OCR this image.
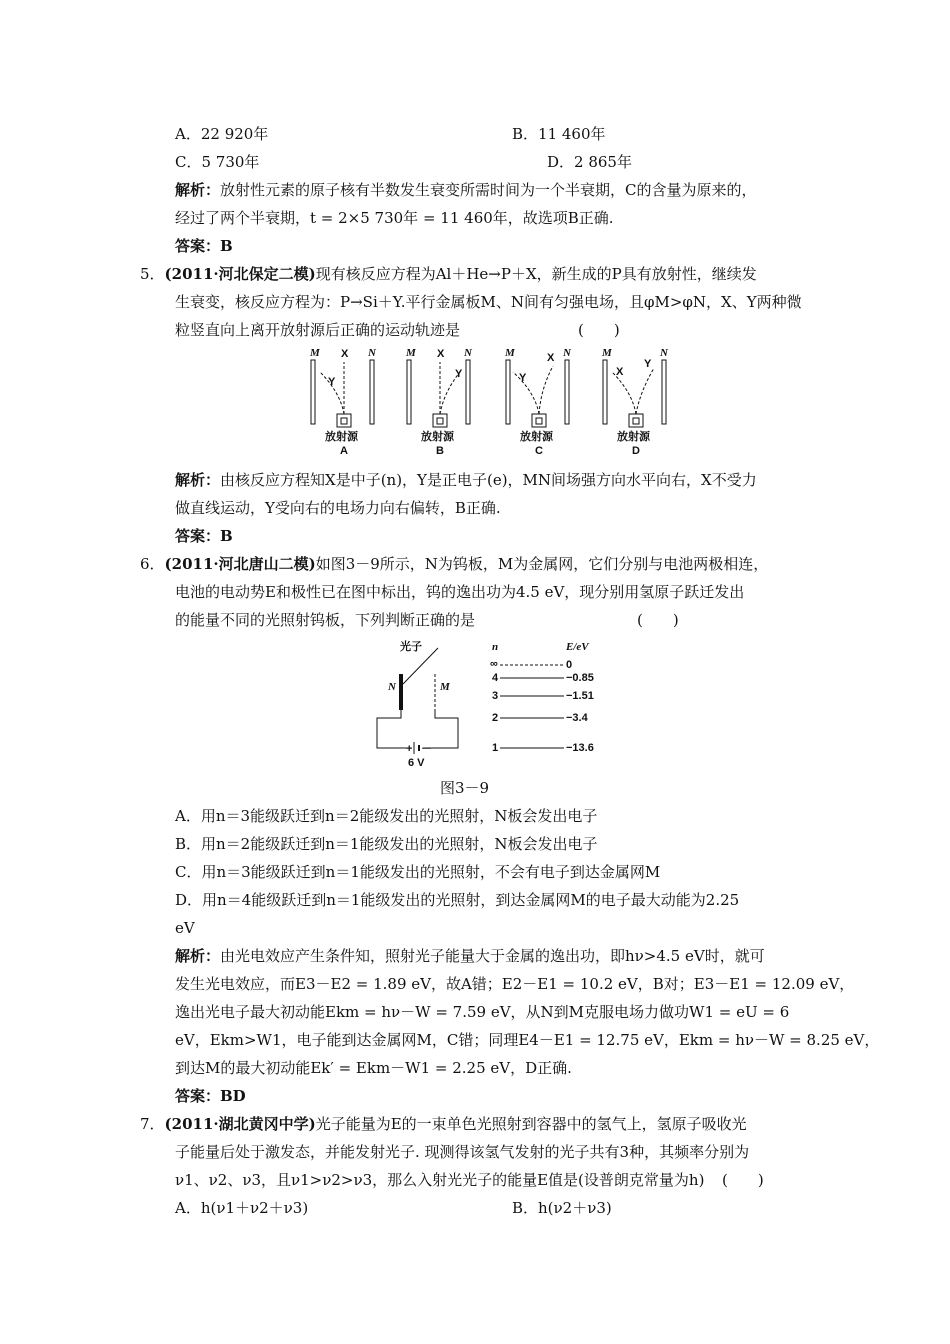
A．22 920年	B．11 460年
C．5 730年	D．2 865年
解析：放射性元素的原子核有半数发生衰变所需时间为一个半衰期，C的含量为原来的，
经过了两个半衰期，t = 2×5 730年 = 11 460年，故选项B正确.
答案：B
5．(2011·河北保定二模)现有核反应方程为Al＋He→P＋X，新生成的P具有放射性，继续发
生衰变，核反应方程为：P→Si＋Y.平行金属板M、N间有匀强电场，且φM>φN，X、Y两种微
粒竖直向上离开放射源后正确的运动轨迹是	(　　)
M	N
X
Y
放射源
A
M	N
X
Y
放射源
B
M	N
X
Y
放射源
C
M	N
X
Y
放射源
D
解析：由核反应方程知X是中子(n)，Y是正电子(e)，MN间场强方向水平向右，X不受力
做直线运动，Y受向右的电场力向右偏转，B正确.
答案：B
6．(2011·河北唐山二模)如图3－9所示，N为钨板，M为金属网，它们分别与电池两极相连，
电池的电动势E和极性已在图中标出，钨的逸出功为4.5 eV，现分别用氢原子跃迁发出
的能量不同的光照射钨板，下列判断正确的是	(　　)
光子
N	M
+ －
6 V
n	E/eV
∞	0
4	−0.85
3	−1.51
2	−3.4
1	−13.6
图3－9
A．用n＝3能级跃迁到n＝2能级发出的光照射，N板会发出电子
B．用n＝2能级跃迁到n＝1能级发出的光照射，N板会发出电子
C．用n＝3能级跃迁到n＝1能级发出的光照射，不会有电子到达金属网M
D．用n＝4能级跃迁到n＝1能级发出的光照射，到达金属网M的电子最大动能为2.25
eV
解析：由光电效应产生条件知，照射光子能量大于金属的逸出功，即hν>4.5 eV时，就可
发生光电效应，而E3－E2 = 1.89 eV，故A错；E2－E1 = 10.2 eV，B对；E3－E1 = 12.09 eV，
逸出光电子最大初动能Ekm = hν－W = 7.59 eV，从N到M克服电场力做功W1 = eU = 6
eV，Ekm>W1，电子能到达金属网M，C错；同理E4－E1 = 12.75 eV，Ekm = hν－W = 8.25 eV，
到达M的最大初动能Ek′ = Ekm－W1 = 2.25 eV，D正确.
答案：BD
7．(2011·湖北黄冈中学)光子能量为E的一束单色光照射到容器中的氢气上，氢原子吸收光
子能量后处于激发态，并能发射光子. 现测得该氢气发射的光子共有3种，其频率分别为
ν1、ν2、ν3，且ν1>ν2>ν3，那么入射光光子的能量E值是(设普朗克常量为h) (　　)
A．h(ν1＋ν2＋ν3)	B．h(ν2＋ν3)
